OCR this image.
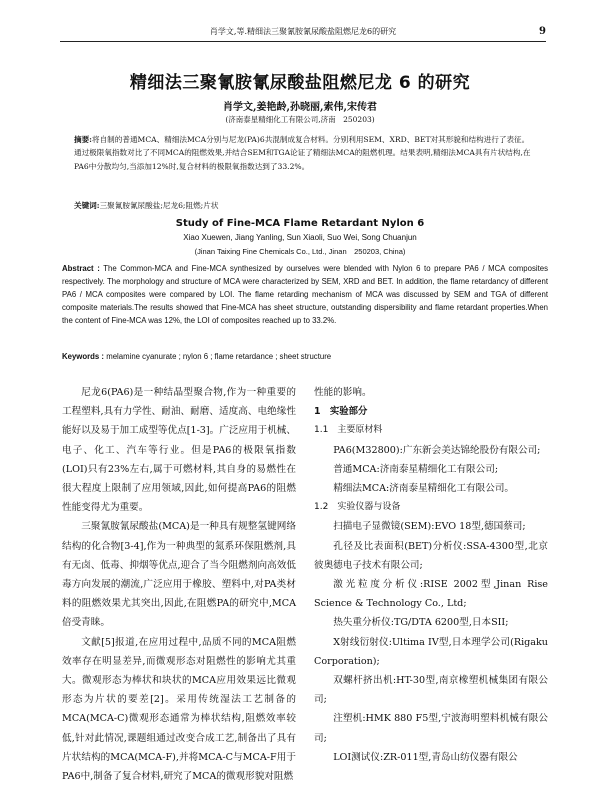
肖学文,等.精细法三聚氰胺氰尿酸盐阻燃尼龙6的研究	9
精细法三聚氰胺氰尿酸盐阻燃尼龙 6 的研究
肖学文,姜艳龄,孙晓丽,索伟,宋传君
(济南泰星精细化工有限公司,济南　250203)
摘要:将自制的普通MCA、精细法MCA分别与尼龙(PA)6共混制成复合材料。分别利用SEM、XRD、BET对其形貌和结构进行了表征。通过极限氧指数对比了不同MCA的阻燃效果,并结合SEM和TGA论证了精细法MCA的阻燃机理。结果表明,精细法MCA具有片状结构,在PA6中分散均匀,当添加12%时,复合材料的极限氧指数达到了33.2%。
关键词:三聚氰胺氰尿酸盐;尼龙6;阻燃;片状
Study of Fine-MCA Flame Retardant Nylon 6
Xiao Xuewen, Jiang Yanling, Sun Xiaoli, Suo Wei, Song Chuanjun
(Jinan Taixing Fine Chemicals Co., Ltd., Jinan　250203, China)
Abstract : The Common-MCA and Fine-MCA synthesized by ourselves were blended with Nylon 6 to prepare PA6 / MCA composites respectively. The morphology and structure of MCA were characterized by SEM, XRD and BET. In addition, the flame retardancy of different PA6 / MCA composites were compared by LOI. The flame retarding mechanism of MCA was discussed by SEM and TGA of different composite materials.The results showed that Fine-MCA has sheet structure, outstanding dispersibility and flame retardant properties.When the content of Fine-MCA was 12%, the LOI of composites reached up to 33.2%.
Keywords : melamine cyanurate ; nylon 6 ; flame retardance ; sheet structure

尼龙6(PA6)是一种结晶型聚合物,作为一种重要的工程塑料,具有力学性、耐油、耐磨、适度高、电绝缘性能好以及易于加工成型等优点[1-3]。广泛应用于机械、电子、化工、汽车等行业。但是PA6的极限氧指数(LOI)只有23%左右,属于可燃材料,其自身的易燃性在很大程度上限制了应用领域,因此,如何提高PA6的阻燃性能变得尤为重要。

三聚氰胺氰尿酸盐(MCA)是一种具有规整氢键网络结构的化合物[3-4],作为一种典型的氮系环保阻燃剂,具有无卤、低毒、抑烟等优点,迎合了当今阻燃剂向高效低毒方向发展的潮流,广泛应用于橡胶、塑料中,对PA类材料的阻燃效果尤其突出,因此,在阻燃PA的研究中,MCA倍受青睐。

文献[5]报道,在应用过程中,品质不同的MCA阻燃效率存在明显差异,而微观形态对阻燃性的影响尤其重大。微观形态为棒状和块状的MCA应用效果远比微观形态为片状的要差[2]。采用传统湿法工艺制备的MCA(MCA-C)微观形态通常为棒状结构,阻燃效率较低,针对此情况,课题组通过改变合成工艺,制备出了具有片状结构的MCA(MCA-F),并将MCA-C与MCA-F用于PA6中,制备了复合材料,研究了MCA的微观形貌对阻燃

性能的影响。

1　实验部分

1.1　主要原材料

PA6(M32800):广东新会美达锦纶股份有限公司;

普通MCA:济南泰星精细化工有限公司;

精细法MCA:济南泰星精细化工有限公司。

1.2　实验仪器与设备

扫描电子显微镜(SEM):EVO 18型,德国蔡司;

孔径及比表面积(BET)分析仪:SSA-4300型,北京彼奥德电子技术有限公司;

激光粒度分析仪:RISE 2002型,Jinan Rise Science & Technology Co., Ltd;

热失重分析仪:TG/DTA 6200型,日本SII;

X射线衍射仪:Ultima IV型,日本理学公司(Rigaku Corporation);

双螺杆挤出机:HT-30型,南京橡塑机械集团有限公司;

注塑机:HMK 880 F5型,宁波海明塑料机械有限公司;

LOI测试仪:ZR-011型,青岛山纺仪器有限公
